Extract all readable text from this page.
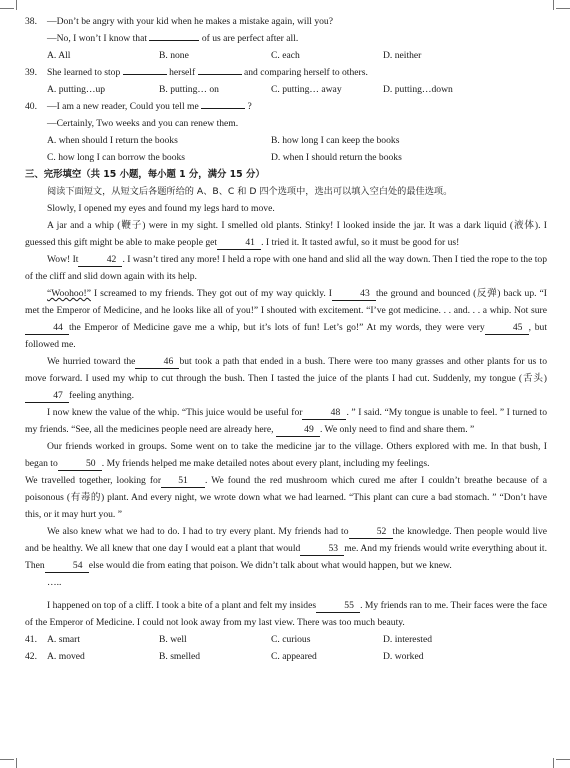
38.	—Don’t be angry with your kid when he makes a mistake again, will you?
—No, I won’t I know that	of us are perfect after all.
A. All	B. none	C. each	D. neither
39.	She learned to stop	herself	and comparing herself to others.
A. putting…up	B. putting… on	C. putting… away	D. putting…down
40.	—I am a new reader, Could you tell me	?
—Certainly, Two weeks and you can renew them.
A. when should I return the books	B. how long I can keep the books
C. how long I can borrow the books	D. when I should return the books
三、完形填空（共 15 小题，每小题 1 分，满分 15 分）
阅读下面短文，从短文后各题所给的 A、B、C 和 D 四个选项中，选出可以填入空白处的最佳选项。
Slowly, I opened my eyes and found my legs hard to move.
A jar and a whip (鞭子) were in my sight. I smelled old plants. Stinky! I looked inside the jar. It was a dark liquid (液体). I guessed this gift might be able to make people get	41 . I tried it. It tasted awful, so it must be good for us!
Wow! It	42 . I wasn’t tired any more! I held a rope with one hand and slid all the way down. Then I tied the rope to the top of the cliff and slid down again with its help.
“Woohoo!” I screamed to my friends. They got out of my way quickly. I	43 the ground and bounced (反弹) back up. “I met the Emperor of Medicine, and he looks like all of you!” I shouted with excitement. “I’ve got medicine. . . and. . . a whip. Not sure44 the Emperor of Medicine gave me a whip, but it’s lots of fun! Let’s go!” At my words, they were very	45 , but followed me.
We hurried toward the	46 but took a path that ended in a bush. There were too many grasses and other plants for us to move forward. I used my whip to cut through the bush. Then I tasted the juice of the plants I had cut. Suddenly, my tongue (舌头)47 feeling anything.
I now knew the value of the whip. “This juice would be useful for	48 . ” I said. “My tongue is unable to feel. ” I turned to my friends. “See, all the medicines people need are already here,	49 . We only need to find and share them. ”
Our friends worked in groups. Some went on to take the medicine jar to the village. Others explored with me. In that bush, I began to	50 . My friends helped me make detailed notes about every plant, including my feelings.
We travelled together, looking for 51 . We found the red mushroom which cured me after I couldn’t breathe because of a poisonous (有毒的) plant. And every night, we wrote down what we had learned. “This plant can cure a bad stomach. ” “Don’t have this, or it may hurt you. ”
We also knew what we had to do. I had to try every plant. My friends had to	52 the knowledge. Then people would live and be healthy. We all knew that one day I would eat a plant that would	53 me. And my friends would write everything about it. Then	54 else would die from eating that poison. We didn’t talk about what would happen, but we knew.
…..
I happened on top of a cliff. I took a bite of a plant and felt my insides	55 . My friends ran to me. Their faces were the face of the Emperor of Medicine. I could not look away from my last view. There was too much beauty.
41.	A. smart	B. well	C. curious	D. interested
42.	A. moved	B. smelled	C. appeared	D. worked
